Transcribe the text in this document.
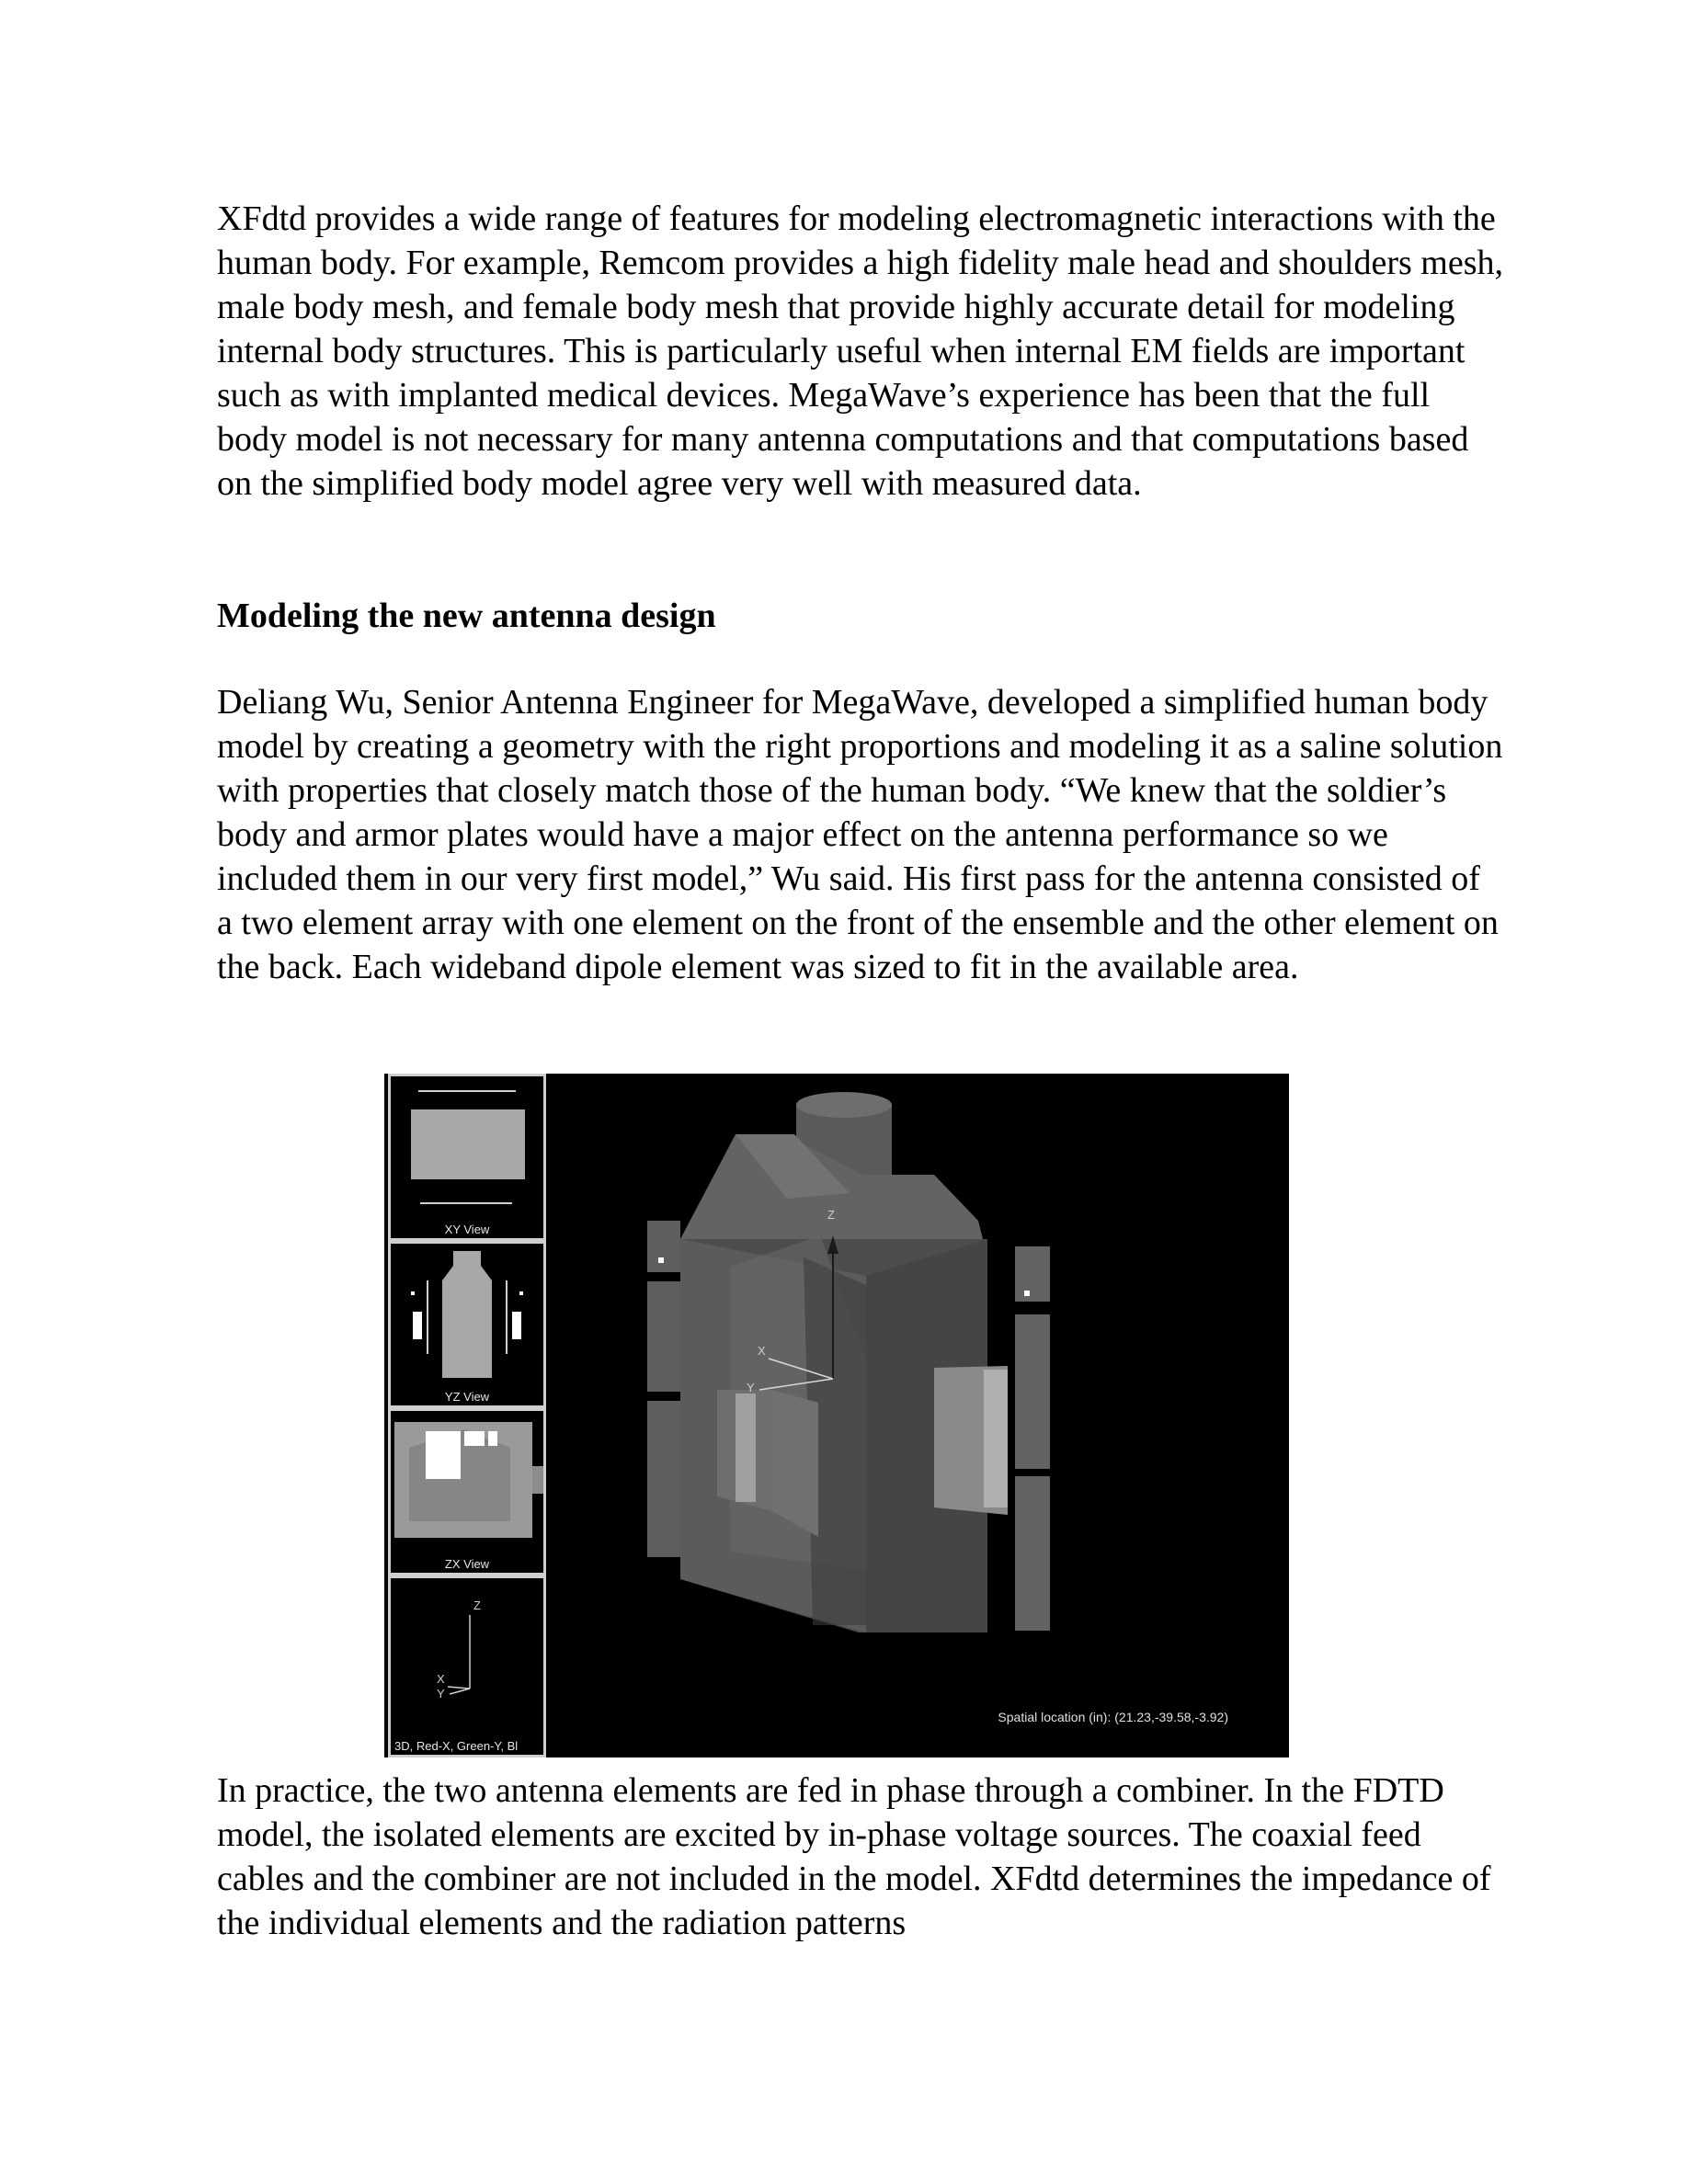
XFdtd provides a wide range of features for modeling electromagnetic interactions with the human body. For example, Remcom provides a high fidelity male head and shoulders mesh, male body mesh, and female body mesh that provide highly accurate detail for modeling internal body structures. This is particularly useful when internal EM fields are important such as with implanted medical devices. MegaWave’s experience has been that the full body model is not necessary for many antenna computations and that computations based on the simplified body model agree very well with measured data.

Modeling the new antenna design

Deliang Wu, Senior Antenna Engineer for MegaWave, developed a simplified human body model by creating a geometry with the right proportions and modeling it as a saline solution with properties that closely match those of the human body. “We knew that the soldier’s body and armor plates would have a major effect on the antenna performance so we included them in our very first model,” Wu said. His first pass for the antenna consisted of a two element array with one element on the front of the ensemble and the other element on the back. Each wideband dipole element was sized to fit in the available area.

XY View
YZ View
ZX View
Z
X
Y
3D, Red-X, Green-Y, Bl
Z
X
Y
Spatial location (in): (21.23,-39.58,-3.92)

In practice, the two antenna elements are fed in phase through a combiner. In the FDTD model, the isolated elements are excited by in-phase voltage sources. The coaxial feed cables and the combiner are not included in the model. XFdtd determines the impedance of the individual elements and the radiation patterns
